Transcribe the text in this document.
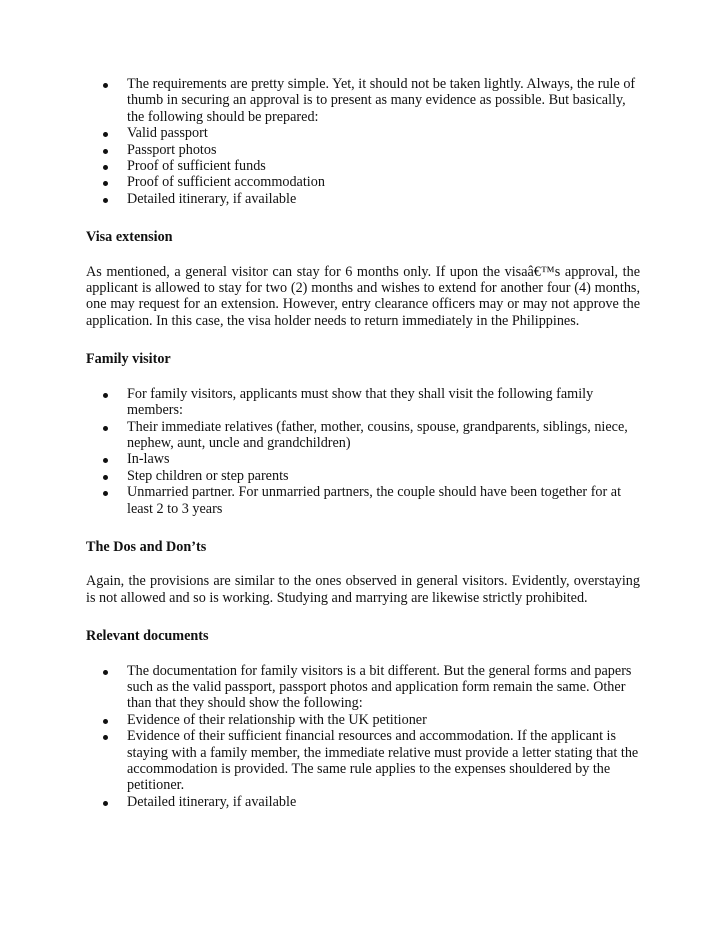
The requirements are pretty simple. Yet, it should not be taken lightly. Always, the rule of thumb in securing an approval is to present as many evidence as possible. But basically, the following should be prepared:
Valid passport
Passport photos
Proof of sufficient funds
Proof of sufficient accommodation
Detailed itinerary, if available
Visa extension

As mentioned, a general visitor can stay for 6 months only. If upon the visaâ€™s approval, the applicant is allowed to stay for two (2) months and wishes to extend for another four (4) months, one may request for an extension. However, entry clearance officers may or may not approve the application. In this case, the visa holder needs to return immediately in the Philippines.

Family visitor
For family visitors, applicants must show that they shall visit the following family members:
Their immediate relatives (father, mother, cousins, spouse, grandparents, siblings, niece, nephew, aunt, uncle and grandchildren)
In-laws
Step children or step parents
Unmarried partner. For unmarried partners, the couple should have been together for at least 2 to 3 years
The Dos and Don’ts

Again, the provisions are similar to the ones observed in general visitors. Evidently, overstaying is not allowed and so is working. Studying and marrying are likewise strictly prohibited.

Relevant documents
The documentation for family visitors is a bit different. But the general forms and papers such as the valid passport, passport photos and application form remain the same. Other than that they should show the following:
Evidence of their relationship with the UK petitioner
Evidence of their sufficient financial resources and accommodation. If the applicant is staying with a family member, the immediate relative must provide a letter stating that the accommodation is provided. The same rule applies to the expenses shouldered by the petitioner.
Detailed itinerary, if available
